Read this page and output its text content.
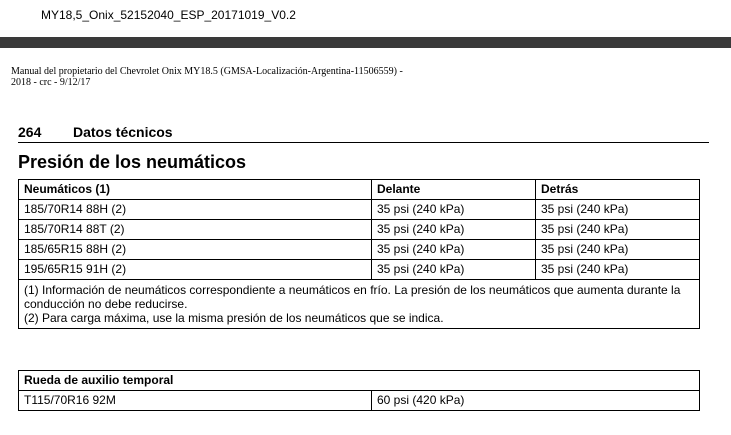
MY18,5_Onix_52152040_ESP_20171019_V0.2
Manual del propietario del Chevrolet Onix MY18.5 (GMSA-Localización-Argentina-11506559) - 2018 - crc - 9/12/17
264 Datos técnicos
Presión de los neumáticos
Neumáticos (1)	Delante	Detrás
185/70R14 88H (2)	35 psi (240 kPa)	35 psi (240 kPa)
185/70R14 88T (2)	35 psi (240 kPa)	35 psi (240 kPa)
185/65R15 88H (2)	35 psi (240 kPa)	35 psi (240 kPa)
195/65R15 91H (2)	35 psi (240 kPa)	35 psi (240 kPa)

(1) Información de neumáticos correspondiente a neumáticos en frío. La presión de los neumáticos que aumenta durante la conducción no debe reducirse.
(2) Para carga máxima, use la misma presión de los neumáticos que se indica.		
Rueda de auxilio temporal
T115/70R16 92M	60 psi (420 kPa)
